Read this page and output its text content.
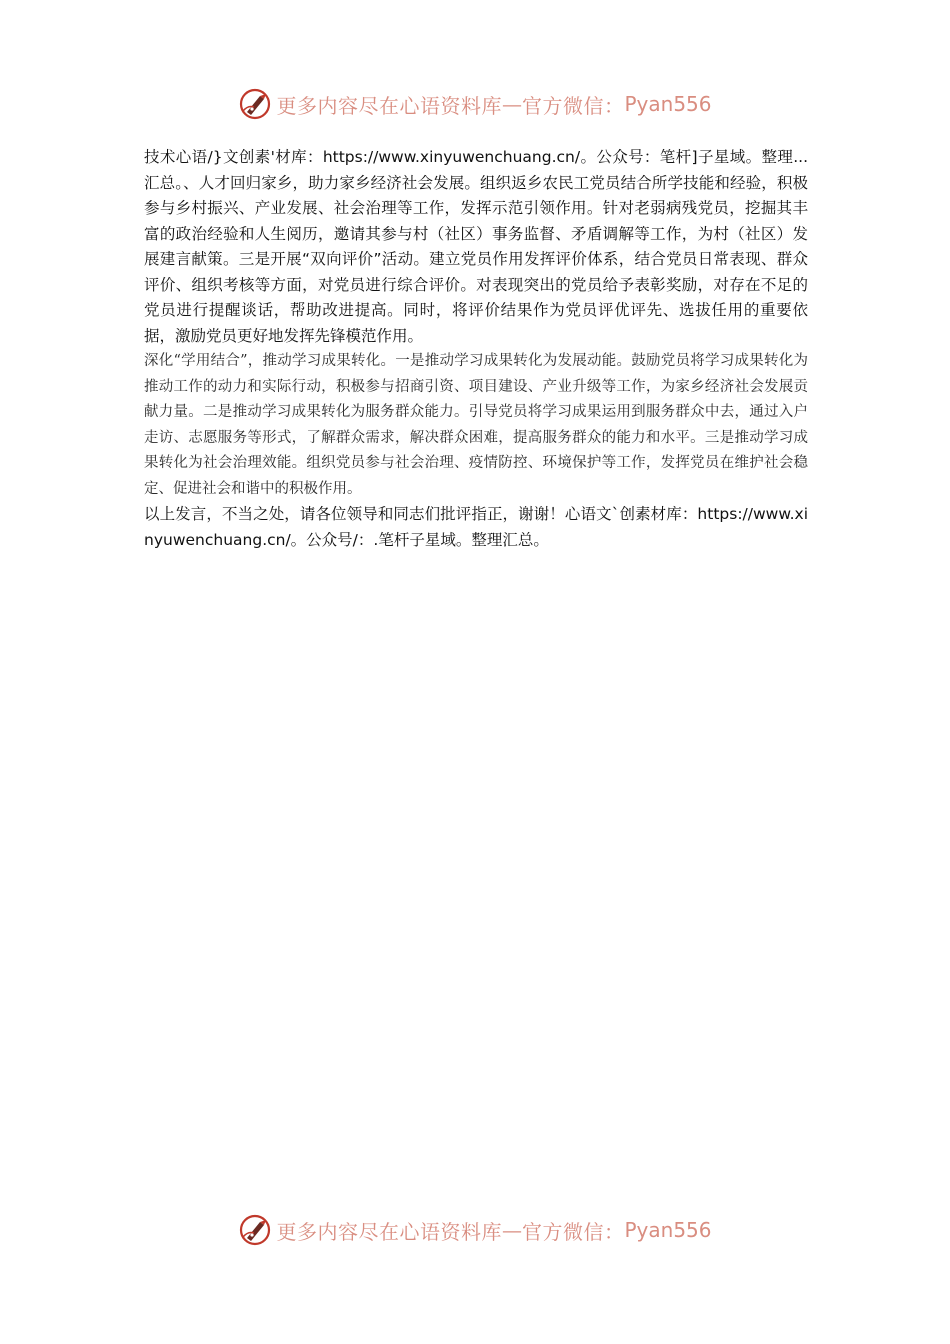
更多内容尽在心语资料库 — 官方微信： Pyan556

技术心语/}文创素'材库：https://www.xinyuwenchuang.cn/。公众号：笔杆]子星域。整理...汇总。、人才回归家乡，助力家乡经济社会发展。组织返乡农民工党员结合所学技能和经验，积极参与乡村振兴、产业发展、社会治理等工作，发挥示范引领作用。针对老弱病残党员，挖掘其丰富的政治经验和人生阅历，邀请其参与村（社区）事务监督、矛盾调解等工作，为村（社区）发展建言献策。三是开展“双向评价”活动。建立党员作用发挥评价体系，结合党员日常表现、群众评价、组织考核等方面，对党员进行综合评价。对表现突出的党员给予表彰奖励，对存在不足的党员进行提醒谈话，帮助改进提高。同时，将评价结果作为党员评优评先、选拔任用的重要依据，激励党员更好地发挥先锋模范作用。

深化“学用结合”，推动学习成果转化。一是推动学习成果转化为发展动能。鼓励党员将学习成果转化为推动工作的动力和实际行动，积极参与招商引资、项目建设、产业升级等工作，为家乡经济社会发展贡献力量。二是推动学习成果转化为服务群众能力。引导党员将学习成果运用到服务群众中去，通过入户走访、志愿服务等形式，了解群众需求，解决群众困难，提高服务群众的能力和水平。三是推动学习成果转化为社会治理效能。组织党员参与社会治理、疫情防控、环境保护等工作，发挥党员在维护社会稳定、促进社会和谐中的积极作用。

以上发言，不当之处，请各位领导和同志们批评指正，谢谢！心语文`创素材库：https://www.xinyuwenchuang.cn/。公众号/：.笔杆子星域。整理汇总。

更多内容尽在心语资料库 — 官方微信： Pyan556
